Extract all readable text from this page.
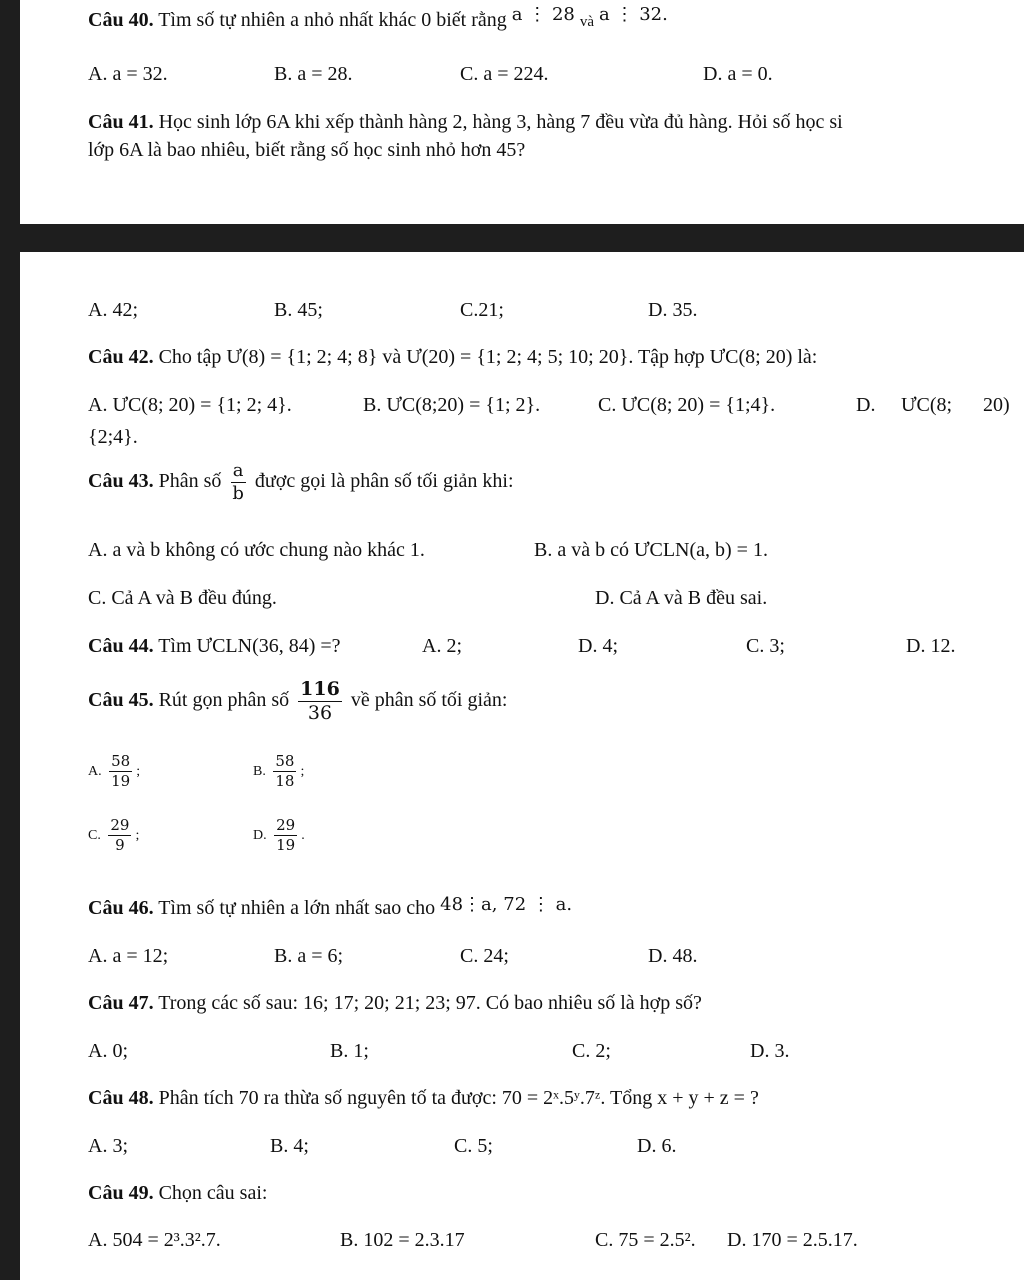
Câu 40. Tìm số tự nhiên a nhỏ nhất khác 0 biết rằng a ⋮ 28 và a ⋮ 32.
A. a = 32.	B. a = 28.	C. a = 224.	D. a = 0.
Câu 41. Học sinh lớp 6A khi xếp thành hàng 2, hàng 3, hàng 7 đều vừa đủ hàng. Hỏi số học si
lớp 6A là bao nhiêu, biết rằng số học sinh nhỏ hơn 45?
A. 42;	B. 45;	C.21;	D. 35.
Câu 42. Cho tập Ư(8) = {1; 2; 4; 8} và Ư(20) = {1; 2; 4; 5; 10; 20}. Tập hợp ƯC(8; 20) là:
A. ƯC(8; 20) = {1; 2; 4}.	B. ƯC(8;20) = {1; 2}.	C. ƯC(8; 20) = {1;4}.	D. ƯC(8; 20)
{2;4}.
Câu 43. Phân số $\frac{a}{b}$ được gọi là phân số tối giản khi:
A. a và b không có ước chung nào khác 1.	B. a và b có ƯCLN(a, b) = 1.
C. Cả A và B đều đúng.	D. Cả A và B đều sai.
Câu 44. Tìm ƯCLN(36, 84) =?	A. 2;	D. 4;	C. 3;	D. 12.
Câu 45. Rút gọn phân số $\frac{116}{36}$ về phân số tối giản:
A. $\frac{58}{19}$ ;	B. $\frac{58}{18}$ ;
C. $\frac{29}{9}$ ;	D. $\frac{29}{19}$ .
Câu 46. Tìm số tự nhiên a lớn nhất sao cho 48⋮a, 72 ⋮ a.
A. a = 12;	B. a = 6;	C. 24;	D. 48.
Câu 47. Trong các số sau: 16; 17; 20; 21; 23; 97. Có bao nhiêu số là hợp số?
A. 0;	B. 1;	C. 2;	D. 3.
Câu 48. Phân tích 70 ra thừa số nguyên tố ta được: 70 = 2ˣ.5ʸ.7ᶻ. Tổng x + y + z = ?
A. 3;	B. 4;	C. 5;	D. 6.
Câu 49. Chọn câu sai:
A. 504 = 2³.3².7.	B. 102 = 2.3.17	C. 75 = 2.5². D. 170 = 2.5.17.
